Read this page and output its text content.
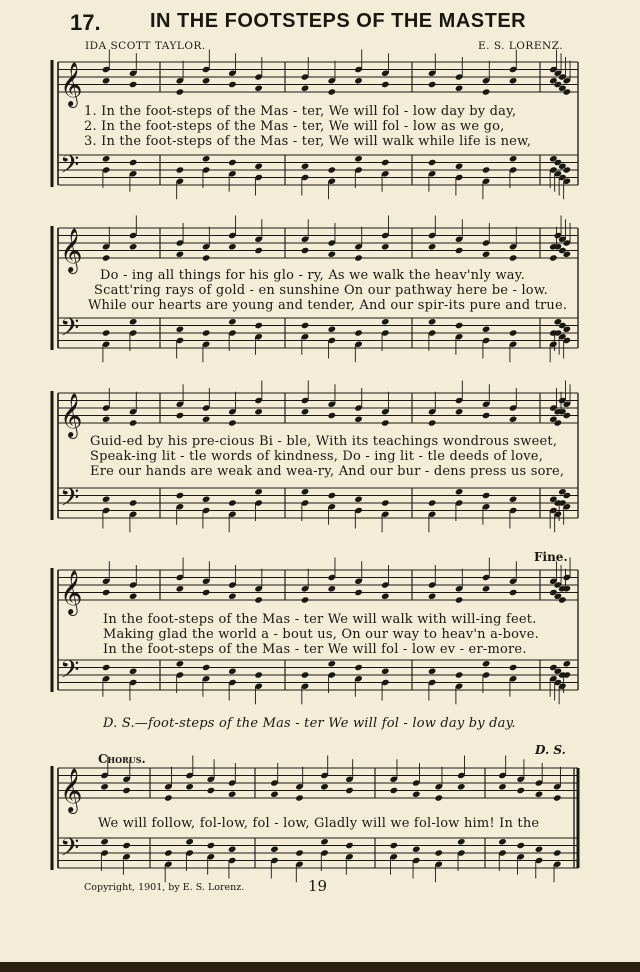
𝄞
𝄢
𝄞
𝄢
𝄞
𝄢
𝄞
𝄢
𝄞
𝄢
17. IN THE FOOTSTEPS OF THE MASTER
IDA SCOTT TAYLOR.	E. S. LORENZ.
1. In the foot-steps of the Mas - ter, We will fol - low day by day,
2. In the foot-steps of the Mas - ter, We will fol - low as we go,
3. In the foot-steps of the Mas - ter, We will walk while life is new,
Do - ing all things for his glo - ry, As we walk the heav'nly way.
Scatt'ring rays of gold - en sunshine On our pathway here be - low.
While our hearts are young and tender, And our spir-its pure and true.
Guid-ed by his pre-cious Bi - ble, With its teachings wondrous sweet,
Speak-ing lit - tle words of kindness, Do - ing lit - tle deeds of love,
Ere our hands are weak and wea-ry, And our bur - dens press us sore,
Fine.
In the foot-steps of the Mas - ter We will walk with will-ing feet.
Making glad the world a - bout us, On our way to heav'n a-bove.
In the foot-steps of the Mas - ter We will fol - low ev - er-more.
D. S.—foot-steps of the Mas - ter We will fol - low day by day.
Chorus.
D. S.
We will follow, fol-low, fol - low, Gladly will we fol-low him! In the
Copyright, 1901, by E. S. Lorenz.	19
